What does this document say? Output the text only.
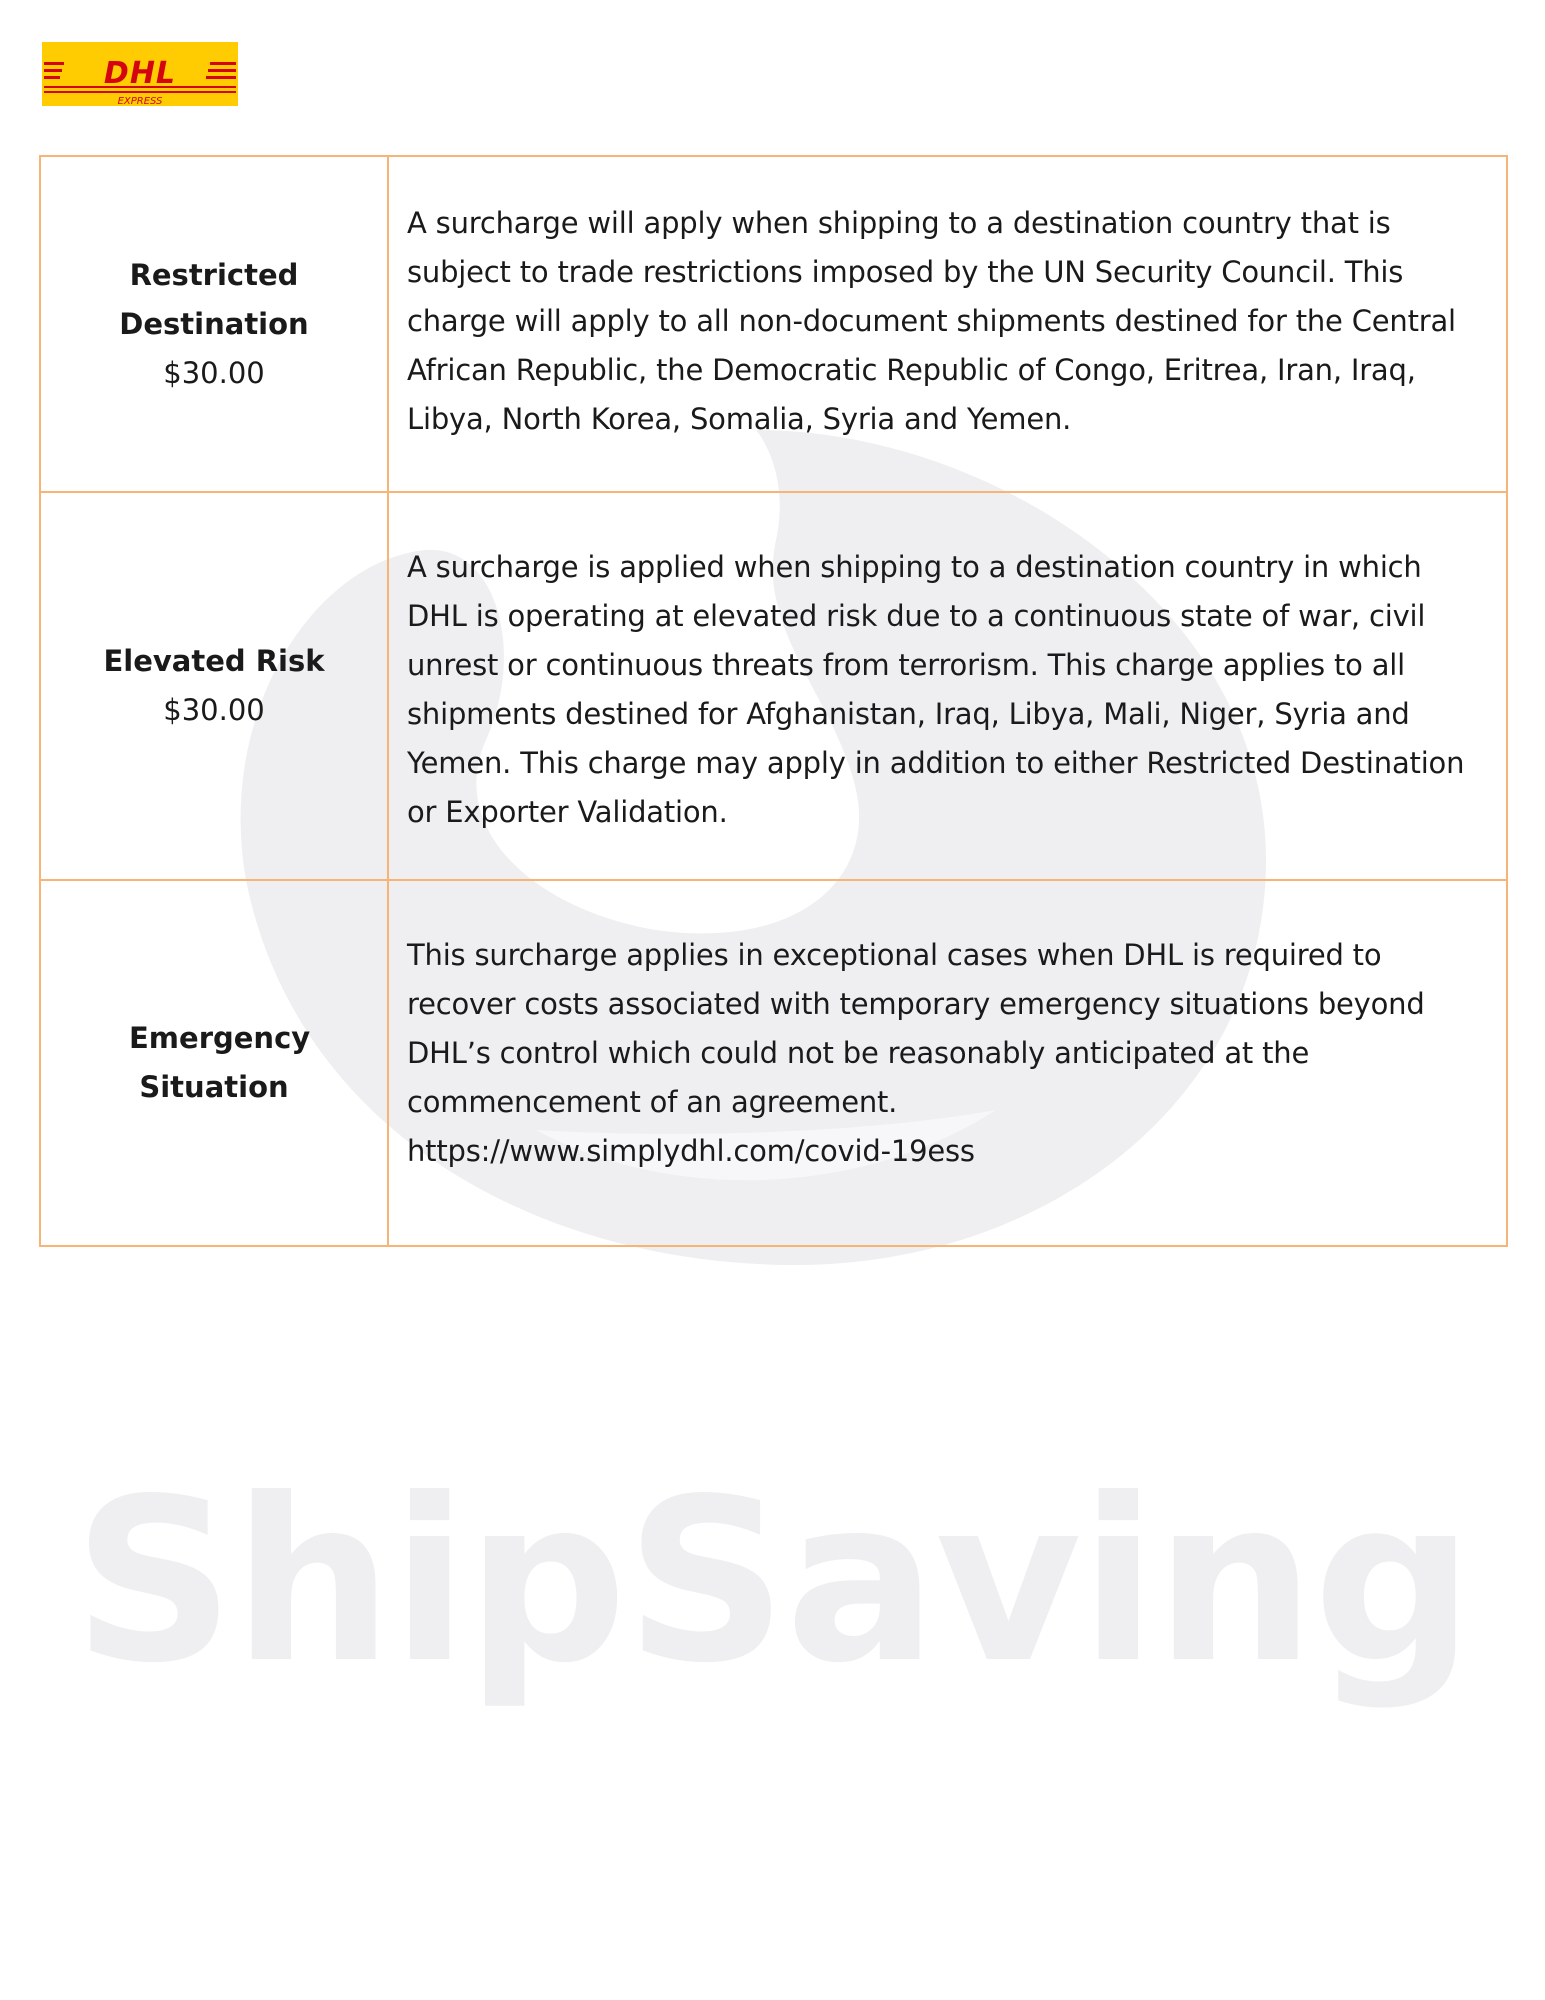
DHL
EXPRESS
ShipSaving
Restricted Destination
$30.00	A surcharge will apply when shipping to a destination country that is subject to trade restrictions imposed by the UN Security Council. This charge will apply to all non-document shipments destined for the Central African Republic, the Democratic Republic of Congo, Eritrea, Iran, Iraq, Libya, North Korea, Somalia, Syria and Yemen.

Elevated Risk
$30.00	A surcharge is applied when shipping to a destination country in which DHL is operating at elevated risk due to a continuous state of war, civil unrest or continuous threats from terrorism. This charge applies to all shipments destined for Afghanistan, Iraq, Libya, Mali, Niger, Syria and Yemen. This charge may apply in addition to either Restricted Destination or Exporter Validation.

Emergency Situation	This surcharge applies in exceptional cases when DHL is required to recover costs associated with temporary emergency situations beyond DHL’s control which could not be reasonably anticipated at the commencement of an agreement.
https://www.simplydhl.com/covid-19ess
